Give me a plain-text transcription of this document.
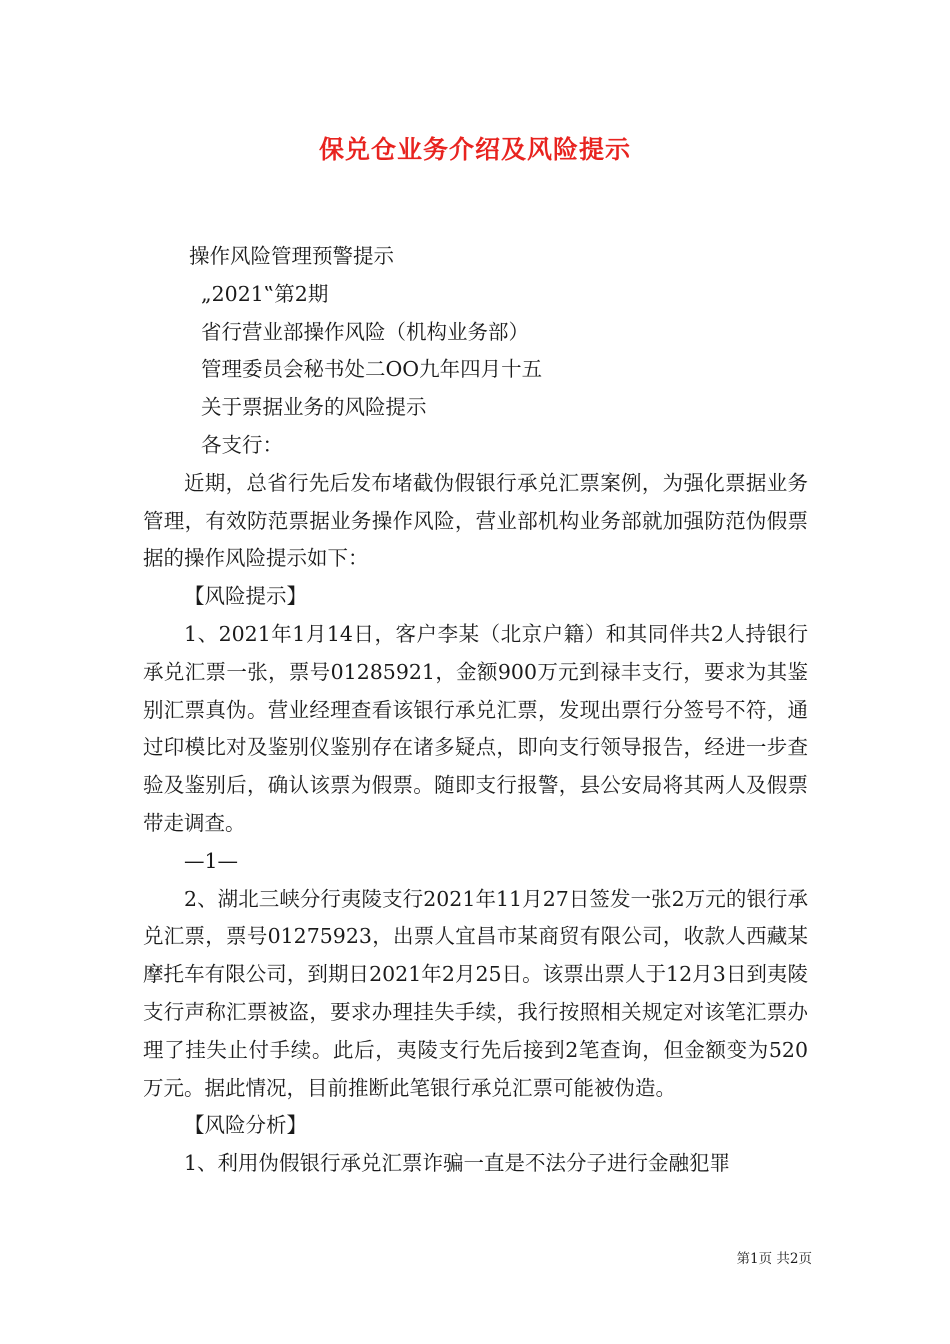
保兑仓业务介绍及风险提示
操作风险管理预警提示
„2021‟第2期
省行营业部操作风险（机构业务部）
管理委员会秘书处二OO九年四月十五
关于票据业务的风险提示
各支行：
近期，总省行先后发布堵截伪假银行承兑汇票案例，为强化票据业务管理，有效防范票据业务操作风险，营业部机构业务部就加强防范伪假票据的操作风险提示如下：
【风险提示】
1、2021年1月14日，客户李某（北京户籍）和其同伴共2人持银行承兑汇票一张，票号01285921，金额900万元到禄丰支行，要求为其鉴别汇票真伪。营业经理查看该银行承兑汇票，发现出票行分签号不符，通过印模比对及鉴别仪鉴别存在诸多疑点，即向支行领导报告，经进一步查验及鉴别后，确认该票为假票。随即支行报警，县公安局将其两人及假票带走调查。
—1—
2、湖北三峡分行夷陵支行2021年11月27日签发一张2万元的银行承兑汇票，票号01275923，出票人宜昌市某商贸有限公司，收款人西藏某摩托车有限公司，到期日2021年2月25日。该票出票人于12月3日到夷陵支行声称汇票被盗，要求办理挂失手续，我行按照相关规定对该笔汇票办理了挂失止付手续。此后，夷陵支行先后接到2笔查询，但金额变为520万元。据此情况，目前推断此笔银行承兑汇票可能被伪造。
【风险分析】
1、利用伪假银行承兑汇票诈骗一直是不法分子进行金融犯罪
第1页 共2页
